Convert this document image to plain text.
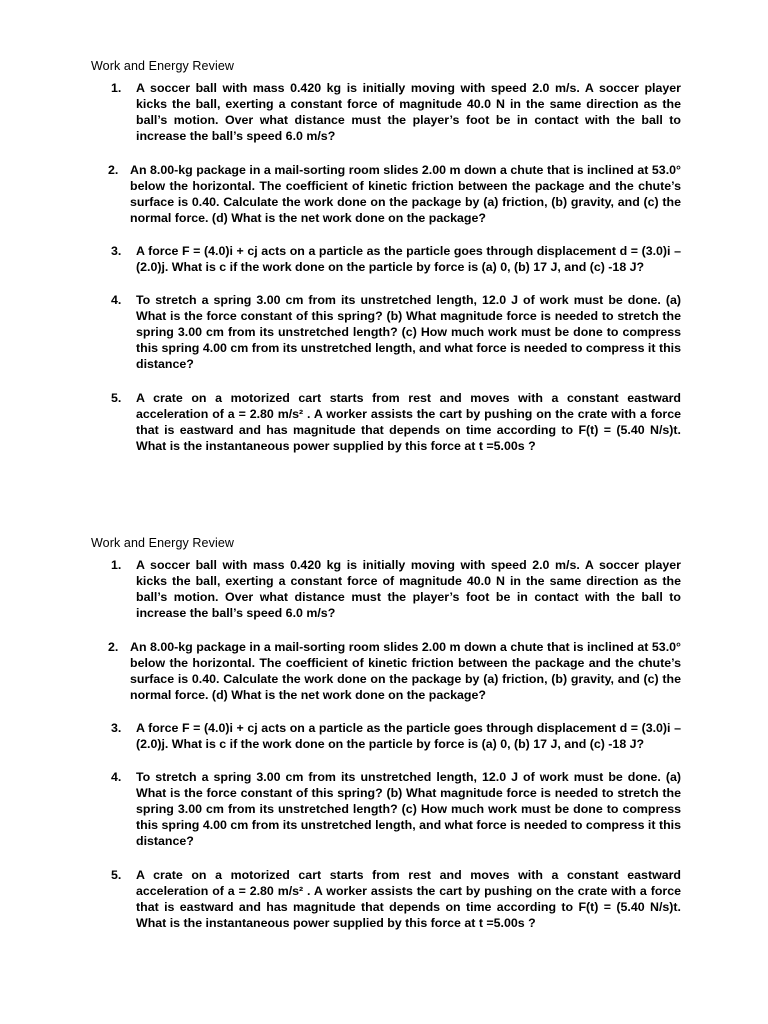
Work and Energy Review
1. A soccer ball with mass 0.420 kg is initially moving with speed 2.0 m/s. A soccer player kicks the ball, exerting a constant force of magnitude 40.0 N in the same direction as the ball’s motion. Over what distance must the player’s foot be in contact with the ball to increase the ball’s speed 6.0 m/s?
2. An 8.00-kg package in a mail-sorting room slides 2.00 m down a chute that is inclined at 53.0° below the horizontal. The coefficient of kinetic friction between the package and the chute’s surface is 0.40. Calculate the work done on the package by (a) friction, (b) gravity, and (c) the normal force. (d) What is the net work done on the package?
3. A force F = (4.0)i + cj acts on a particle as the particle goes through displacement d = (3.0)i – (2.0)j. What is c if the work done on the particle by force is (a) 0, (b) 17 J, and (c) -18 J?
4. To stretch a spring 3.00 cm from its unstretched length, 12.0 J of work must be done. (a) What is the force constant of this spring? (b) What magnitude force is needed to stretch the spring 3.00 cm from its unstretched length? (c) How much work must be done to compress this spring 4.00 cm from its unstretched length, and what force is needed to compress it this distance?
5. A crate on a motorized cart starts from rest and moves with a constant eastward acceleration of a = 2.80 m/s² . A worker assists the cart by pushing on the crate with a force that is eastward and has magnitude that depends on time according to F(t) = (5.40 N/s)t. What is the instantaneous power supplied by this force at t =5.00s ?
Work and Energy Review
1. A soccer ball with mass 0.420 kg is initially moving with speed 2.0 m/s. A soccer player kicks the ball, exerting a constant force of magnitude 40.0 N in the same direction as the ball’s motion. Over what distance must the player’s foot be in contact with the ball to increase the ball’s speed 6.0 m/s?
2. An 8.00-kg package in a mail-sorting room slides 2.00 m down a chute that is inclined at 53.0° below the horizontal. The coefficient of kinetic friction between the package and the chute’s surface is 0.40. Calculate the work done on the package by (a) friction, (b) gravity, and (c) the normal force. (d) What is the net work done on the package?
3. A force F = (4.0)i + cj acts on a particle as the particle goes through displacement d = (3.0)i – (2.0)j. What is c if the work done on the particle by force is (a) 0, (b) 17 J, and (c) -18 J?
4. To stretch a spring 3.00 cm from its unstretched length, 12.0 J of work must be done. (a) What is the force constant of this spring? (b) What magnitude force is needed to stretch the spring 3.00 cm from its unstretched length? (c) How much work must be done to compress this spring 4.00 cm from its unstretched length, and what force is needed to compress it this distance?
5. A crate on a motorized cart starts from rest and moves with a constant eastward acceleration of a = 2.80 m/s² . A worker assists the cart by pushing on the crate with a force that is eastward and has magnitude that depends on time according to F(t) = (5.40 N/s)t. What is the instantaneous power supplied by this force at t =5.00s ?
